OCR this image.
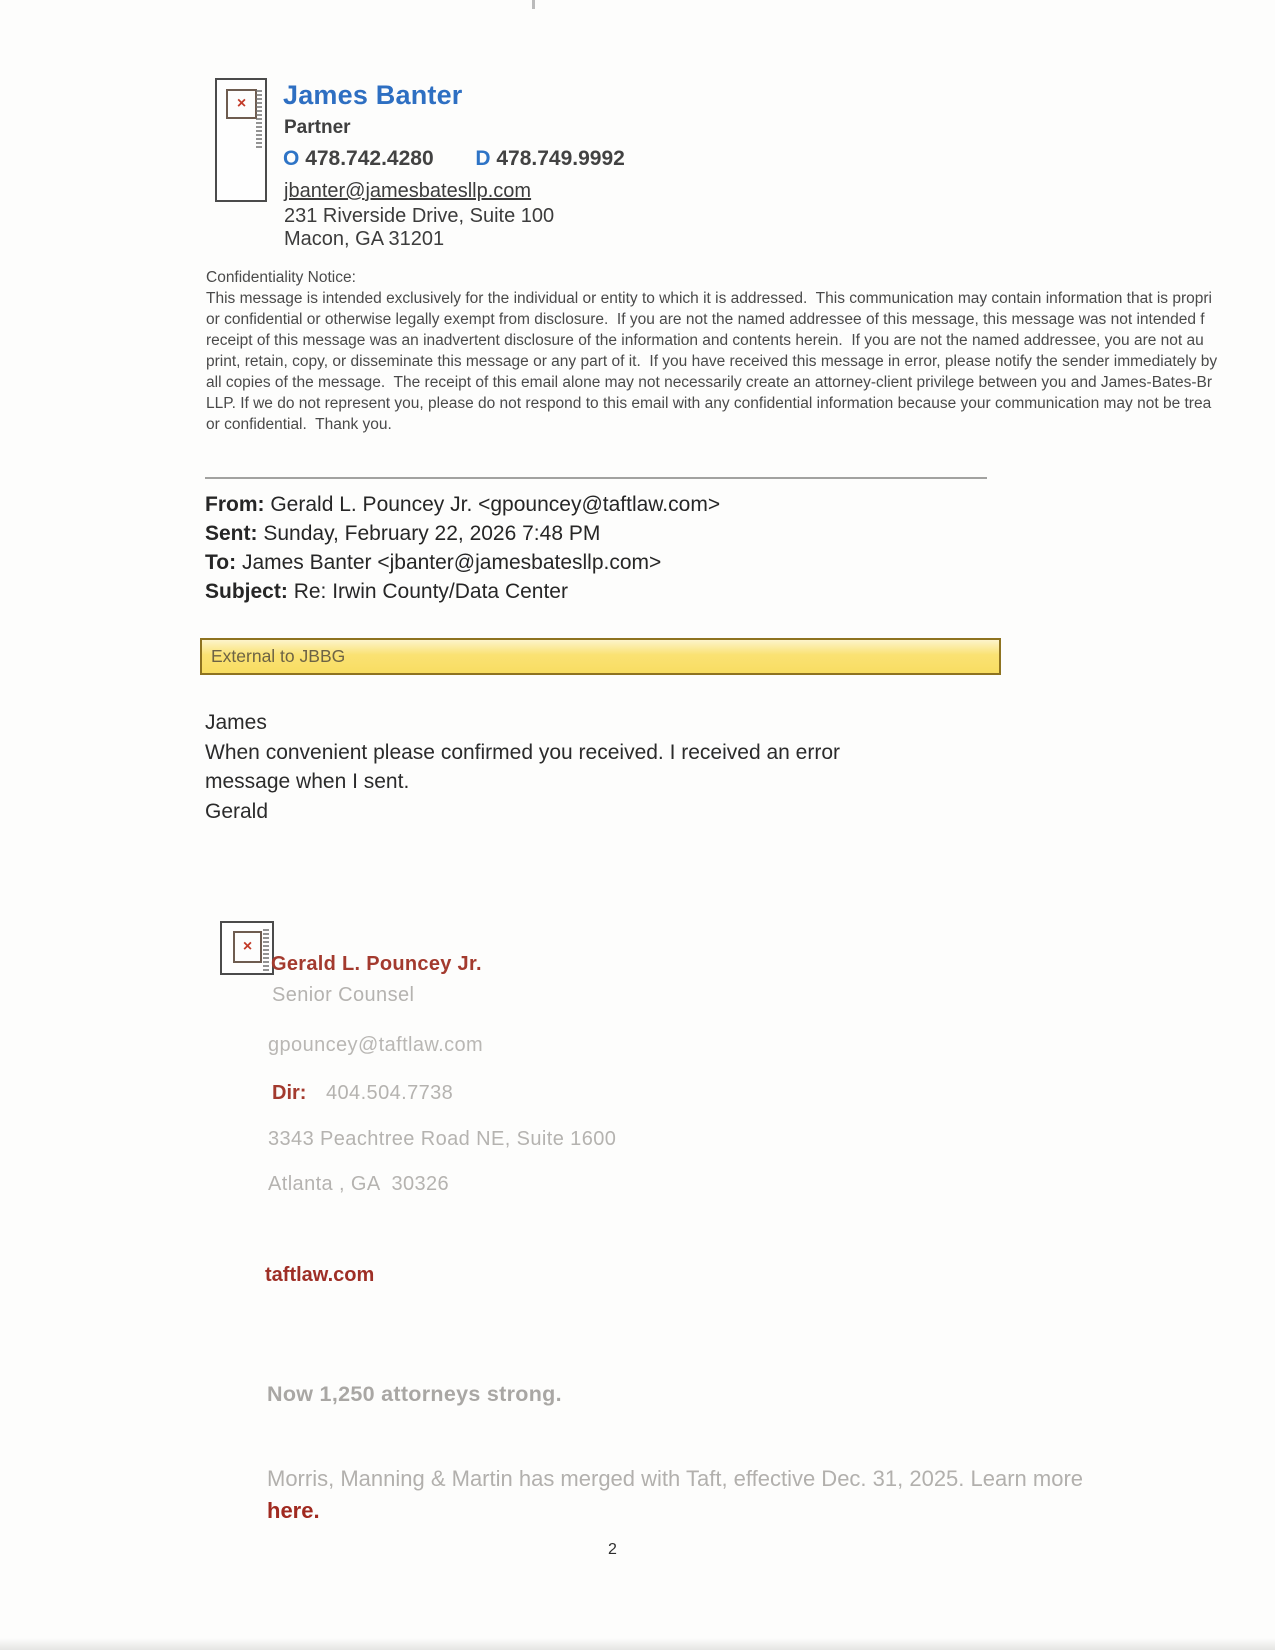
×	James Banter
Partner
O 478.742.4280 D 478.749.9992
jbanter@jamesbatesllp.com
231 Riverside Drive, Suite 100
Macon, GA 31201
Confidentiality Notice:
This message is intended exclusively for the individual or entity to which it is addressed.  This communication may contain information that is propri
or confidential or otherwise legally exempt from disclosure.  If you are not the named addressee of this message, this message was not intended f
receipt of this message was an inadvertent disclosure of the information and contents herein.  If you are not the named addressee, you are not au
print, retain, copy, or disseminate this message or any part of it.  If you have received this message in error, please notify the sender immediately by
all copies of the message.  The receipt of this email alone may not necessarily create an attorney-client privilege between you and James-Bates-Br
LLP. If we do not represent you, please do not respond to this email with any confidential information because your communication may not be trea
or confidential.  Thank you.
From: Gerald L. Pouncey Jr. <gpouncey@taftlaw.com>
Sent: Sunday, February 22, 2026 7:48 PM
To: James Banter <jbanter@jamesbatesllp.com>
Subject: Re: Irwin County/Data Center
External to JBBG
James
When convenient please confirmed you received. I received an error
message when I sent.
Gerald
×
Gerald L. Pouncey Jr.
Senior Counsel
gpouncey@taftlaw.com
Dir: 404.504.7738
3343 Peachtree Road NE, Suite 1600
Atlanta , GA  30326
taftlaw.com
Now 1,250 attorneys strong.
Morris, Manning & Martin has merged with Taft, effective Dec. 31, 2025. Learn more
here.
2
